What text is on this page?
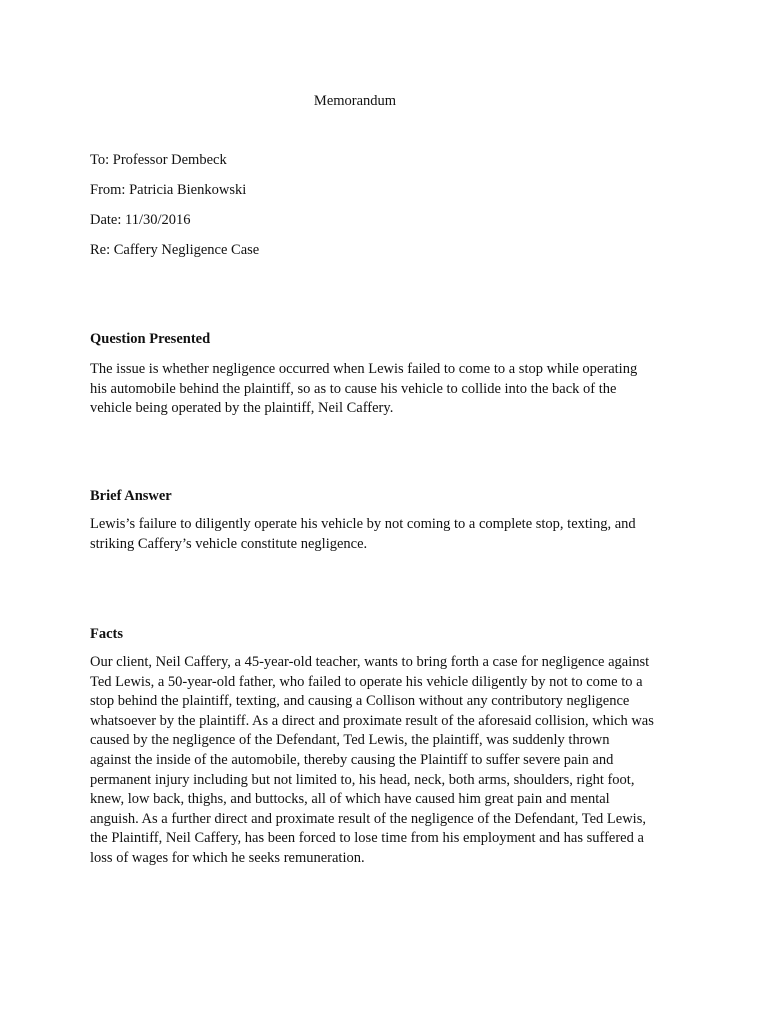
Memorandum
To: Professor Dembeck
From: Patricia Bienkowski
Date: 11/30/2016
Re: Caffery Negligence Case
Question Presented
The issue is whether negligence occurred when Lewis failed to come to a stop while operating
his automobile behind the plaintiff, so as to cause his vehicle to collide into the back of the
vehicle being operated by the plaintiff, Neil Caffery.
Brief Answer
Lewis’s failure to diligently operate his vehicle by not coming to a complete stop, texting, and
striking Caffery’s vehicle constitute negligence.
Facts
Our client, Neil Caffery, a 45-year-old teacher, wants to bring forth a case for negligence against
Ted Lewis, a 50-year-old father, who failed to operate his vehicle diligently by not to come to a
stop behind the plaintiff, texting, and causing a Collison without any contributory negligence
whatsoever by the plaintiff. As a direct and proximate result of the aforesaid collision, which was
caused by the negligence of the Defendant, Ted Lewis, the plaintiff, was suddenly thrown
against the inside of the automobile, thereby causing the Plaintiff to suffer severe pain and
permanent injury including but not limited to, his head, neck, both arms, shoulders, right foot,
knew, low back, thighs, and buttocks, all of which have caused him great pain and mental
anguish. As a further direct and proximate result of the negligence of the Defendant, Ted Lewis,
the Plaintiff, Neil Caffery, has been forced to lose time from his employment and has suffered a
loss of wages for which he seeks remuneration.
